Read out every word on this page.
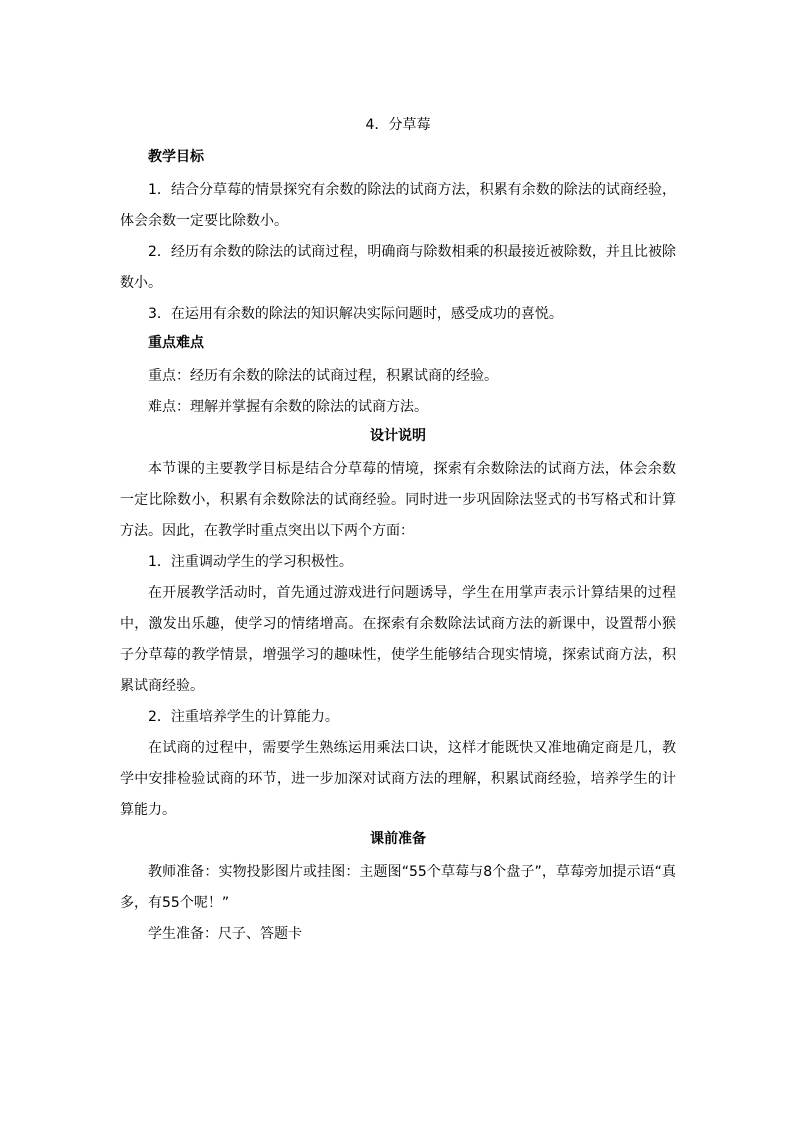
4．分草莓

教学目标

1．结合分草莓的情景探究有余数的除法的试商方法，积累有余数的除法的试商经验，体会余数一定要比除数小。

2．经历有余数的除法的试商过程，明确商与除数相乘的积最接近被除数，并且比被除数小。

3．在运用有余数的除法的知识解决实际问题时，感受成功的喜悦。

重点难点

重点：经历有余数的除法的试商过程，积累试商的经验。

难点：理解并掌握有余数的除法的试商方法。

设计说明

本节课的主要教学目标是结合分草莓的情境，探索有余数除法的试商方法，体会余数一定比除数小，积累有余数除法的试商经验。同时进一步巩固除法竖式的书写格式和计算方法。因此，在教学时重点突出以下两个方面：

1．注重调动学生的学习积极性。

在开展教学活动时，首先通过游戏进行问题诱导，学生在用掌声表示计算结果的过程中，激发出乐趣，使学习的情绪增高。在探索有余数除法试商方法的新课中，设置帮小猴子分草莓的教学情景，增强学习的趣味性，使学生能够结合现实情境，探索试商方法，积累试商经验。

2．注重培养学生的计算能力。

在试商的过程中，需要学生熟练运用乘法口诀，这样才能既快又准地确定商是几，教学中安排检验试商的环节，进一步加深对试商方法的理解，积累试商经验，培养学生的计算能力。

课前准备

教师准备：实物投影图片或挂图：主题图“55个草莓与8个盘子”，草莓旁加提示语“真多，有55个呢！”

学生准备：尺子、答题卡
